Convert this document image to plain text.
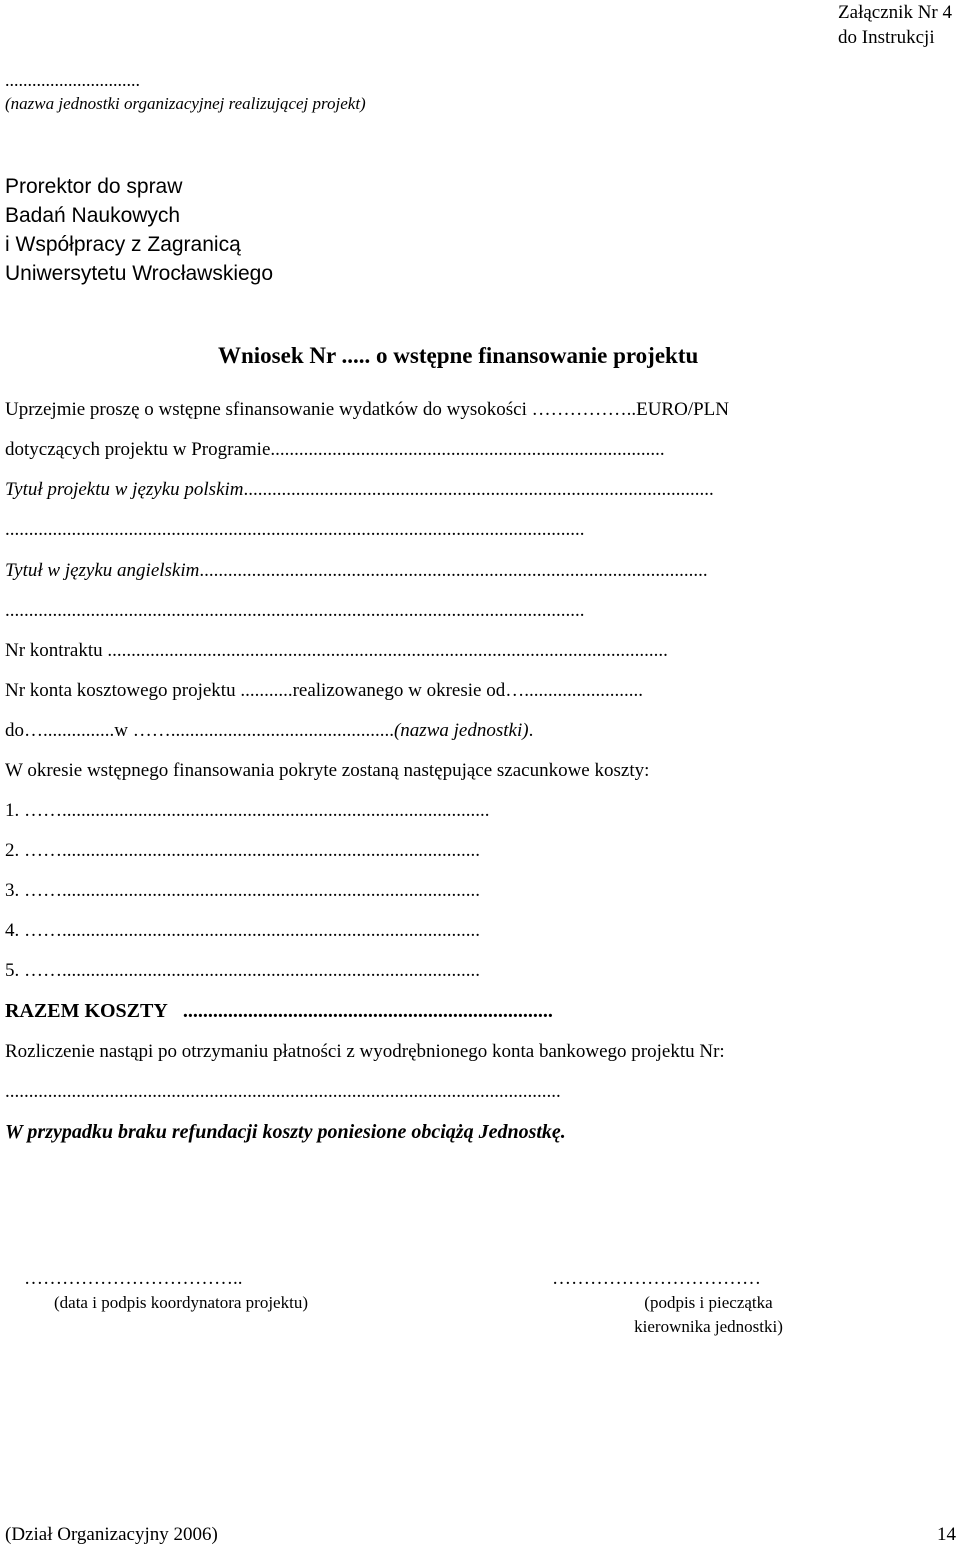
Załącznik Nr 4
do Instrukcji
..............................
(nazwa jednostki organizacyjnej realizującej projekt)
Prorektor do spraw
Badań Naukowych
i Współpracy z Zagranicą
Uniwersytetu Wrocławskiego
Wniosek Nr ..... o wstępne finansowanie projektu
Uprzejmie proszę o wstępne sfinansowanie wydatków do wysokości ……………..EURO/PLN
dotyczących projektu w Programie...................................................................................
Tytuł projektu w języku polskim...................................................................................................
..........................................................................................................................
Tytuł w języku angielskim...........................................................................................................
..........................................................................................................................
Nr kontraktu ......................................................................................................................
Nr konta kosztowego projektu ...........realizowanego w okresie od….........................
do…...............w ……...............................................(nazwa jednostki).
W okresie wstępnego finansowania pokryte zostaną następujące szacunkowe koszty:
1. ……..........................................................................................
2. ……........................................................................................
3. ……........................................................................................
4. ……........................................................................................
5. ……........................................................................................
RAZEM KOSZTY ..........................................................................
Rozliczenie nastąpi po otrzymaniu płatności z wyodrębnionego konta bankowego projektu Nr:
.....................................................................................................................
W przypadku braku refundacji koszty poniesione obciążą Jednostkę.
……………………………..
(data i podpis koordynatora projektu)
……………………………
(podpis i pieczątka
kierownika jednostki)
(Dział Organizacyjny 2006)	14
